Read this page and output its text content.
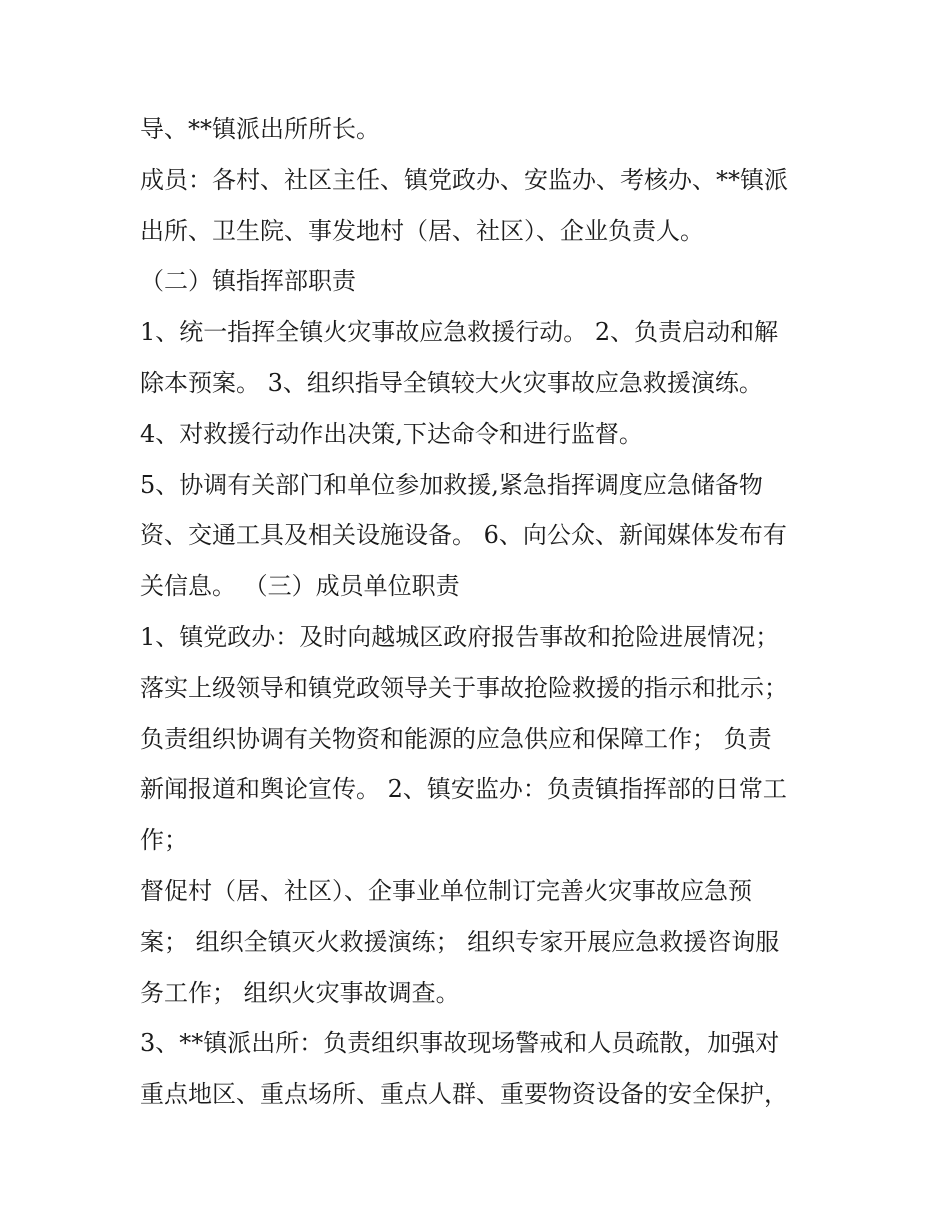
导、**镇派出所所长。
成员：各村、社区主任、镇党政办、安监办、考核办、**镇派
出所、卫生院、事发地村（居、社区）、企业负责人。
（二）镇指挥部职责
1、统一指挥全镇火灾事故应急救援行动。 2、负责启动和解
除本预案。 3、组织指导全镇较大火灾事故应急救援演练。
4、对救援行动作出决策,下达命令和进行监督。
5、协调有关部门和单位参加救援,紧急指挥调度应急储备物
资、交通工具及相关设施设备。 6、向公众、新闻媒体发布有
关信息。 （三）成员单位职责
1、镇党政办：及时向越城区政府报告事故和抢险进展情况；
落实上级领导和镇党政领导关于事故抢险救援的指示和批示；
负责组织协调有关物资和能源的应急供应和保障工作； 负责
新闻报道和舆论宣传。 2、镇安监办：负责镇指挥部的日常工
作；
督促村（居、社区）、企事业单位制订完善火灾事故应急预
案； 组织全镇灭火救援演练； 组织专家开展应急救援咨询服
务工作； 组织火灾事故调查。
3、**镇派出所：负责组织事故现场警戒和人员疏散，加强对
重点地区、重点场所、重点人群、重要物资设备的安全保护，
